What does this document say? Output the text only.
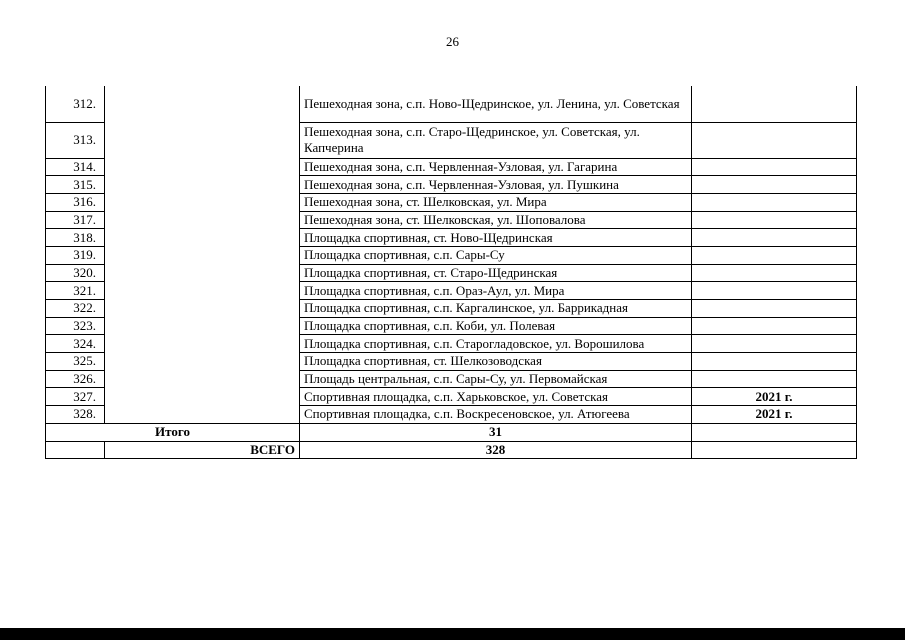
26
312.		Пешеходная зона, с.п. Ново-Щедринское, ул. Ленина, ул. Советская	
313.		Пешеходная зона, с.п. Старо-Щедринское, ул. Советская, ул. Капчерина	
314.		Пешеходная зона, с.п. Червленная-Узловая, ул. Гагарина	
315.		Пешеходная зона, с.п. Червленная-Узловая, ул. Пушкина	
316.		Пешеходная зона, ст. Шелковская, ул. Мира	
317.		Пешеходная зона, ст. Шелковская, ул. Шоповалова	
318.		Площадка спортивная, ст. Ново-Щедринская	
319.		Площадка спортивная, с.п. Сары-Су	
320.		Площадка спортивная, ст. Старо-Щедринская	
321.		Площадка спортивная, с.п. Ораз-Аул, ул. Мира	
322.		Площадка спортивная, с.п. Каргалинское, ул. Баррикадная	
323.		Площадка спортивная, с.п. Коби, ул. Полевая	
324.		Площадка спортивная, с.п. Староглaдовское, ул. Ворошилова	
325.		Площадка спортивная, ст. Шелкозоводская	
326.		Площадь центральная, с.п. Сары-Су, ул. Первомайская	
327.		Спортивная площадка, с.п. Харьковское, ул. Советская	2021 г.
328.		Спортивная площадка, с.п. Воскресеновское, ул. Атюгеева	2021 г.
Итого		31	
	ВСЕГО	328	
